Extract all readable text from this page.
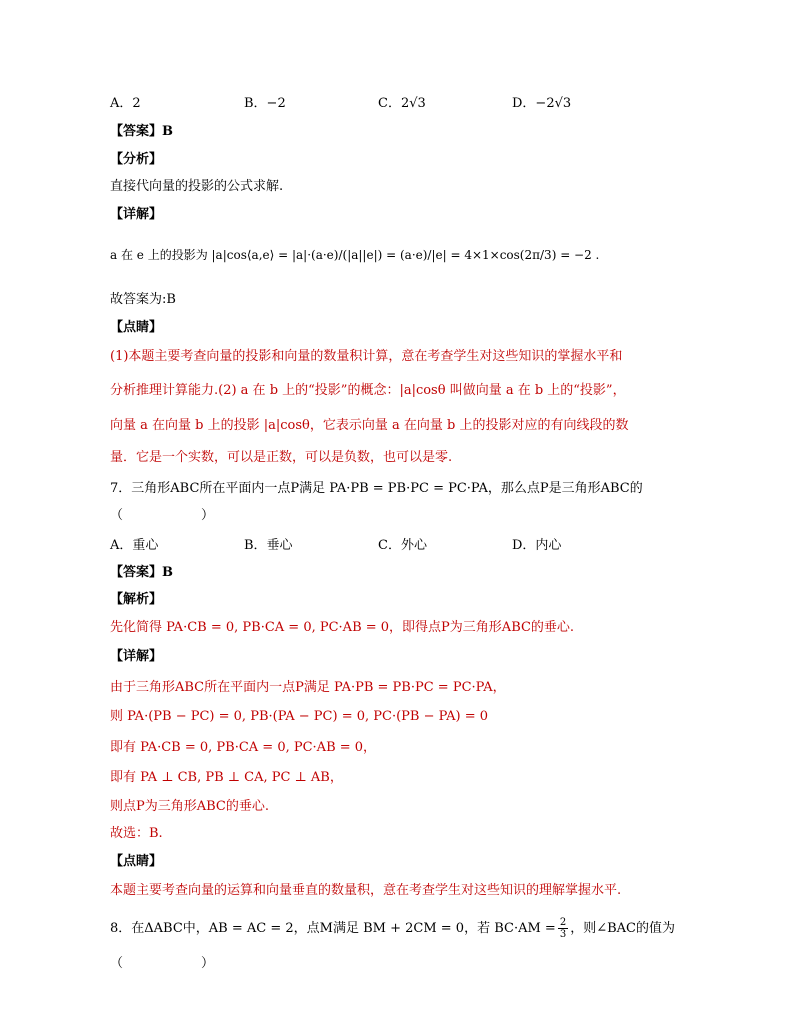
A．2	B．−2	C．2√3	D．−2√3
【答案】B
【分析】
直接代向量的投影的公式求解.
【详解】
a 在 e 上的投影为 |a|cos⟨a,e⟩ = |a|·(a·e)/(|a||e|) = (a·e)/|e| = 4×1×cos(2π/3) = −2 .
故答案为:B
【点睛】
(1)本题主要考查向量的投影和向量的数量积计算，意在考查学生对这些知识的掌握水平和
分析推理计算能力.(2) a 在 b 上的“投影”的概念：|a|cosθ 叫做向量 a 在 b 上的“投影”，
向量 a 在向量 b 上的投影 |a|cosθ，它表示向量 a 在向量 b 上的投影对应的有向线段的数
量．它是一个实数，可以是正数，可以是负数，也可以是零.
7．三角形ABC所在平面内一点P满足 PA·PB = PB·PC = PC·PA，那么点P是三角形ABC的
（　　　　　　）
A．重心	B．垂心	C．外心	D．内心
【答案】B
【解析】
先化简得 PA·CB = 0, PB·CA = 0, PC·AB = 0，即得点P为三角形ABC的垂心.
【详解】
由于三角形ABC所在平面内一点P满足 PA·PB = PB·PC = PC·PA，
则 PA·(PB − PC) = 0, PB·(PA − PC) = 0, PC·(PB − PA) = 0
即有 PA·CB = 0, PB·CA = 0, PC·AB = 0，
即有 PA ⊥ CB, PB ⊥ CA, PC ⊥ AB，
则点P为三角形ABC的垂心.
故选：B.
【点睛】
本题主要考查向量的运算和向量垂直的数量积，意在考查学生对这些知识的理解掌握水平.
8．在ΔABC中，AB = AC = 2，点M满足 BM + 2CM = 0，若 $BC\cdot AM = \frac{2}{3}$ ，则∠BAC的值为
（　　　　　　）
